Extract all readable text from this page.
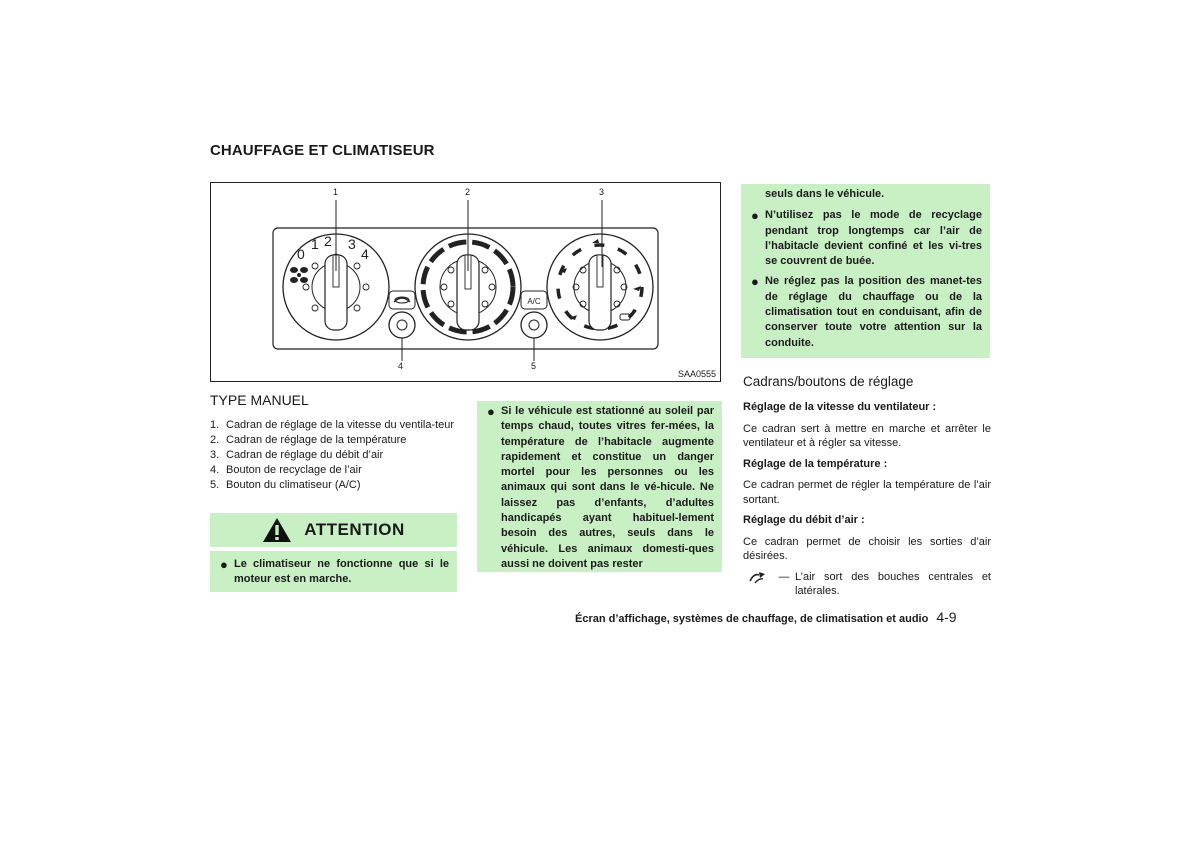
CHAUFFAGE ET CLIMATISEUR
0
1 2 3
4
A/C
1	2	3
4	5
SAA0555
TYPE MANUEL
1. Cadran de réglage de la vitesse du ventila-teur
2. Cadran de réglage de la température
3. Cadran de réglage du débit d’air
4. Bouton de recyclage de l’air
5. Bouton du climatiseur (A/C)
ATTENTION

● Le climatiseur ne fonctionne que si le moteur est en marche.

● Si le véhicule est stationné au soleil par temps chaud, toutes vitres fer-mées, la température de l’habitacle augmente rapidement et constitue un danger mortel pour les personnes ou les animaux qui sont dans le vé-hicule. Ne laissez pas d’enfants, d’adultes handicapés ayant habituel-lement besoin des autres, seuls dans le véhicule. Les animaux domesti-ques aussi ne doivent pas rester

seuls dans le véhicule.

● N’utilisez pas le mode de recyclage pendant trop longtemps car l’air de l’habitacle devient confiné et les vi-tres se couvrent de buée.

● Ne réglez pas la position des manet-tes de réglage du chauffage ou de la climatisation tout en conduisant, afin de conserver toute votre attention sur la conduite.

Cadrans/boutons de réglage

Réglage de la vitesse du ventilateur :

Ce cadran sert à mettre en marche et arrêter le ventilateur et à régler sa vitesse.

Réglage de la température :

Ce cadran permet de régler la température de l’air sortant.

Réglage du débit d’air :

Ce cadran permet de choisir les sorties d’air désirées.

— L’air sort des bouches centrales et latérales.
Écran d’affichage, systèmes de chauffage, de climatisation et audio 4-9
